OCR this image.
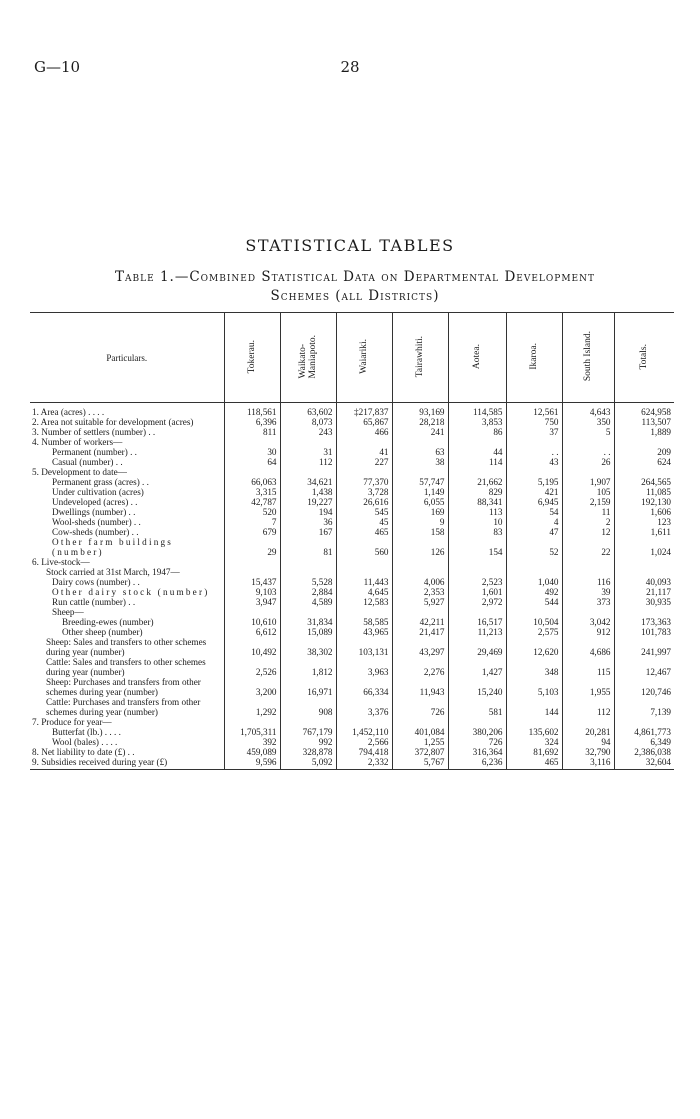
G—10	28
STATISTICAL TABLES
Table 1.—Combined Statistical Data on Departmental Development
Schemes (all Districts)
Particulars.	Tokerau.	Waikato-
Maniapoto.	Waiariki.	Tairawhiti.	Aotea.	Ikaroa.	South Island.	Totals.
1. Area (acres) . . . .	118,561	63,602	‡217,837	93,169	114,585	12,561	4,643	624,958
2. Area not suitable for development (acres)	6,396	8,073	65,867	28,218	3,853	750	350	113,507
3. Number of settlers (number) . .	811	243	466	241	86	37	5	1,889
4. Number of workers—								
Permanent (number) . .	30	31	41	63	44	. .	. .	209
Casual (number) . .	64	112	227	38	114	43	26	624
5. Development to date—								
Permanent grass (acres) . .	66,063	34,621	77,370	57,747	21,662	5,195	1,907	264,565
Under cultivation (acres)	3,315	1,438	3,728	1,149	829	421	105	11,085
Undeveloped (acres) . .	42,787	19,227	26,616	6,055	88,341	6,945	2,159	192,130
Dwellings (number) . .	520	194	545	169	113	54	11	1,606
Wool-sheds (number) . .	7	36	45	9	10	4	2	123
Cow-sheds (number) . .	679	167	465	158	83	47	12	1,611
Other farm buildings (number)	29	81	560	126	154	52	22	1,024
6. Live-stock—								
Stock carried at 31st March, 1947—								
Dairy cows (number) . .	15,437	5,528	11,443	4,006	2,523	1,040	116	40,093
Other dairy stock (number)	9,103	2,884	4,645	2,353	1,601	492	39	21,117
Run cattle (number) . .	3,947	4,589	12,583	5,927	2,972	544	373	30,935
Sheep—								
Breeding-ewes (number)	10,610	31,834	58,585	42,211	16,517	10,504	3,042	173,363
Other sheep (number)	6,612	15,089	43,965	21,417	11,213	2,575	912	101,783
Sheep: Sales and transfers to other schemes during year (number)	10,492	38,302	103,131	43,297	29,469	12,620	4,686	241,997
Cattle: Sales and transfers to other schemes during year (number)	2,526	1,812	3,963	2,276	1,427	348	115	12,467
Sheep: Purchases and transfers from other schemes during year (number)	3,200	16,971	66,334	11,943	15,240	5,103	1,955	120,746
Cattle: Purchases and transfers from other schemes during year (number)	1,292	908	3,376	726	581	144	112	7,139
7. Produce for year—								
Butterfat (lb.) . . . .	1,705,311	767,179	1,452,110	401,084	380,206	135,602	20,281	4,861,773
Wool (bales) . . . .	392	992	2,566	1,255	726	324	94	6,349
8. Net liability to date (£) . .	459,089	328,878	794,418	372,807	316,364	81,692	32,790	2,386,038
9. Subsidies received during year (£)	9,596	5,092	2,332	5,767	6,236	465	3,116	32,604
